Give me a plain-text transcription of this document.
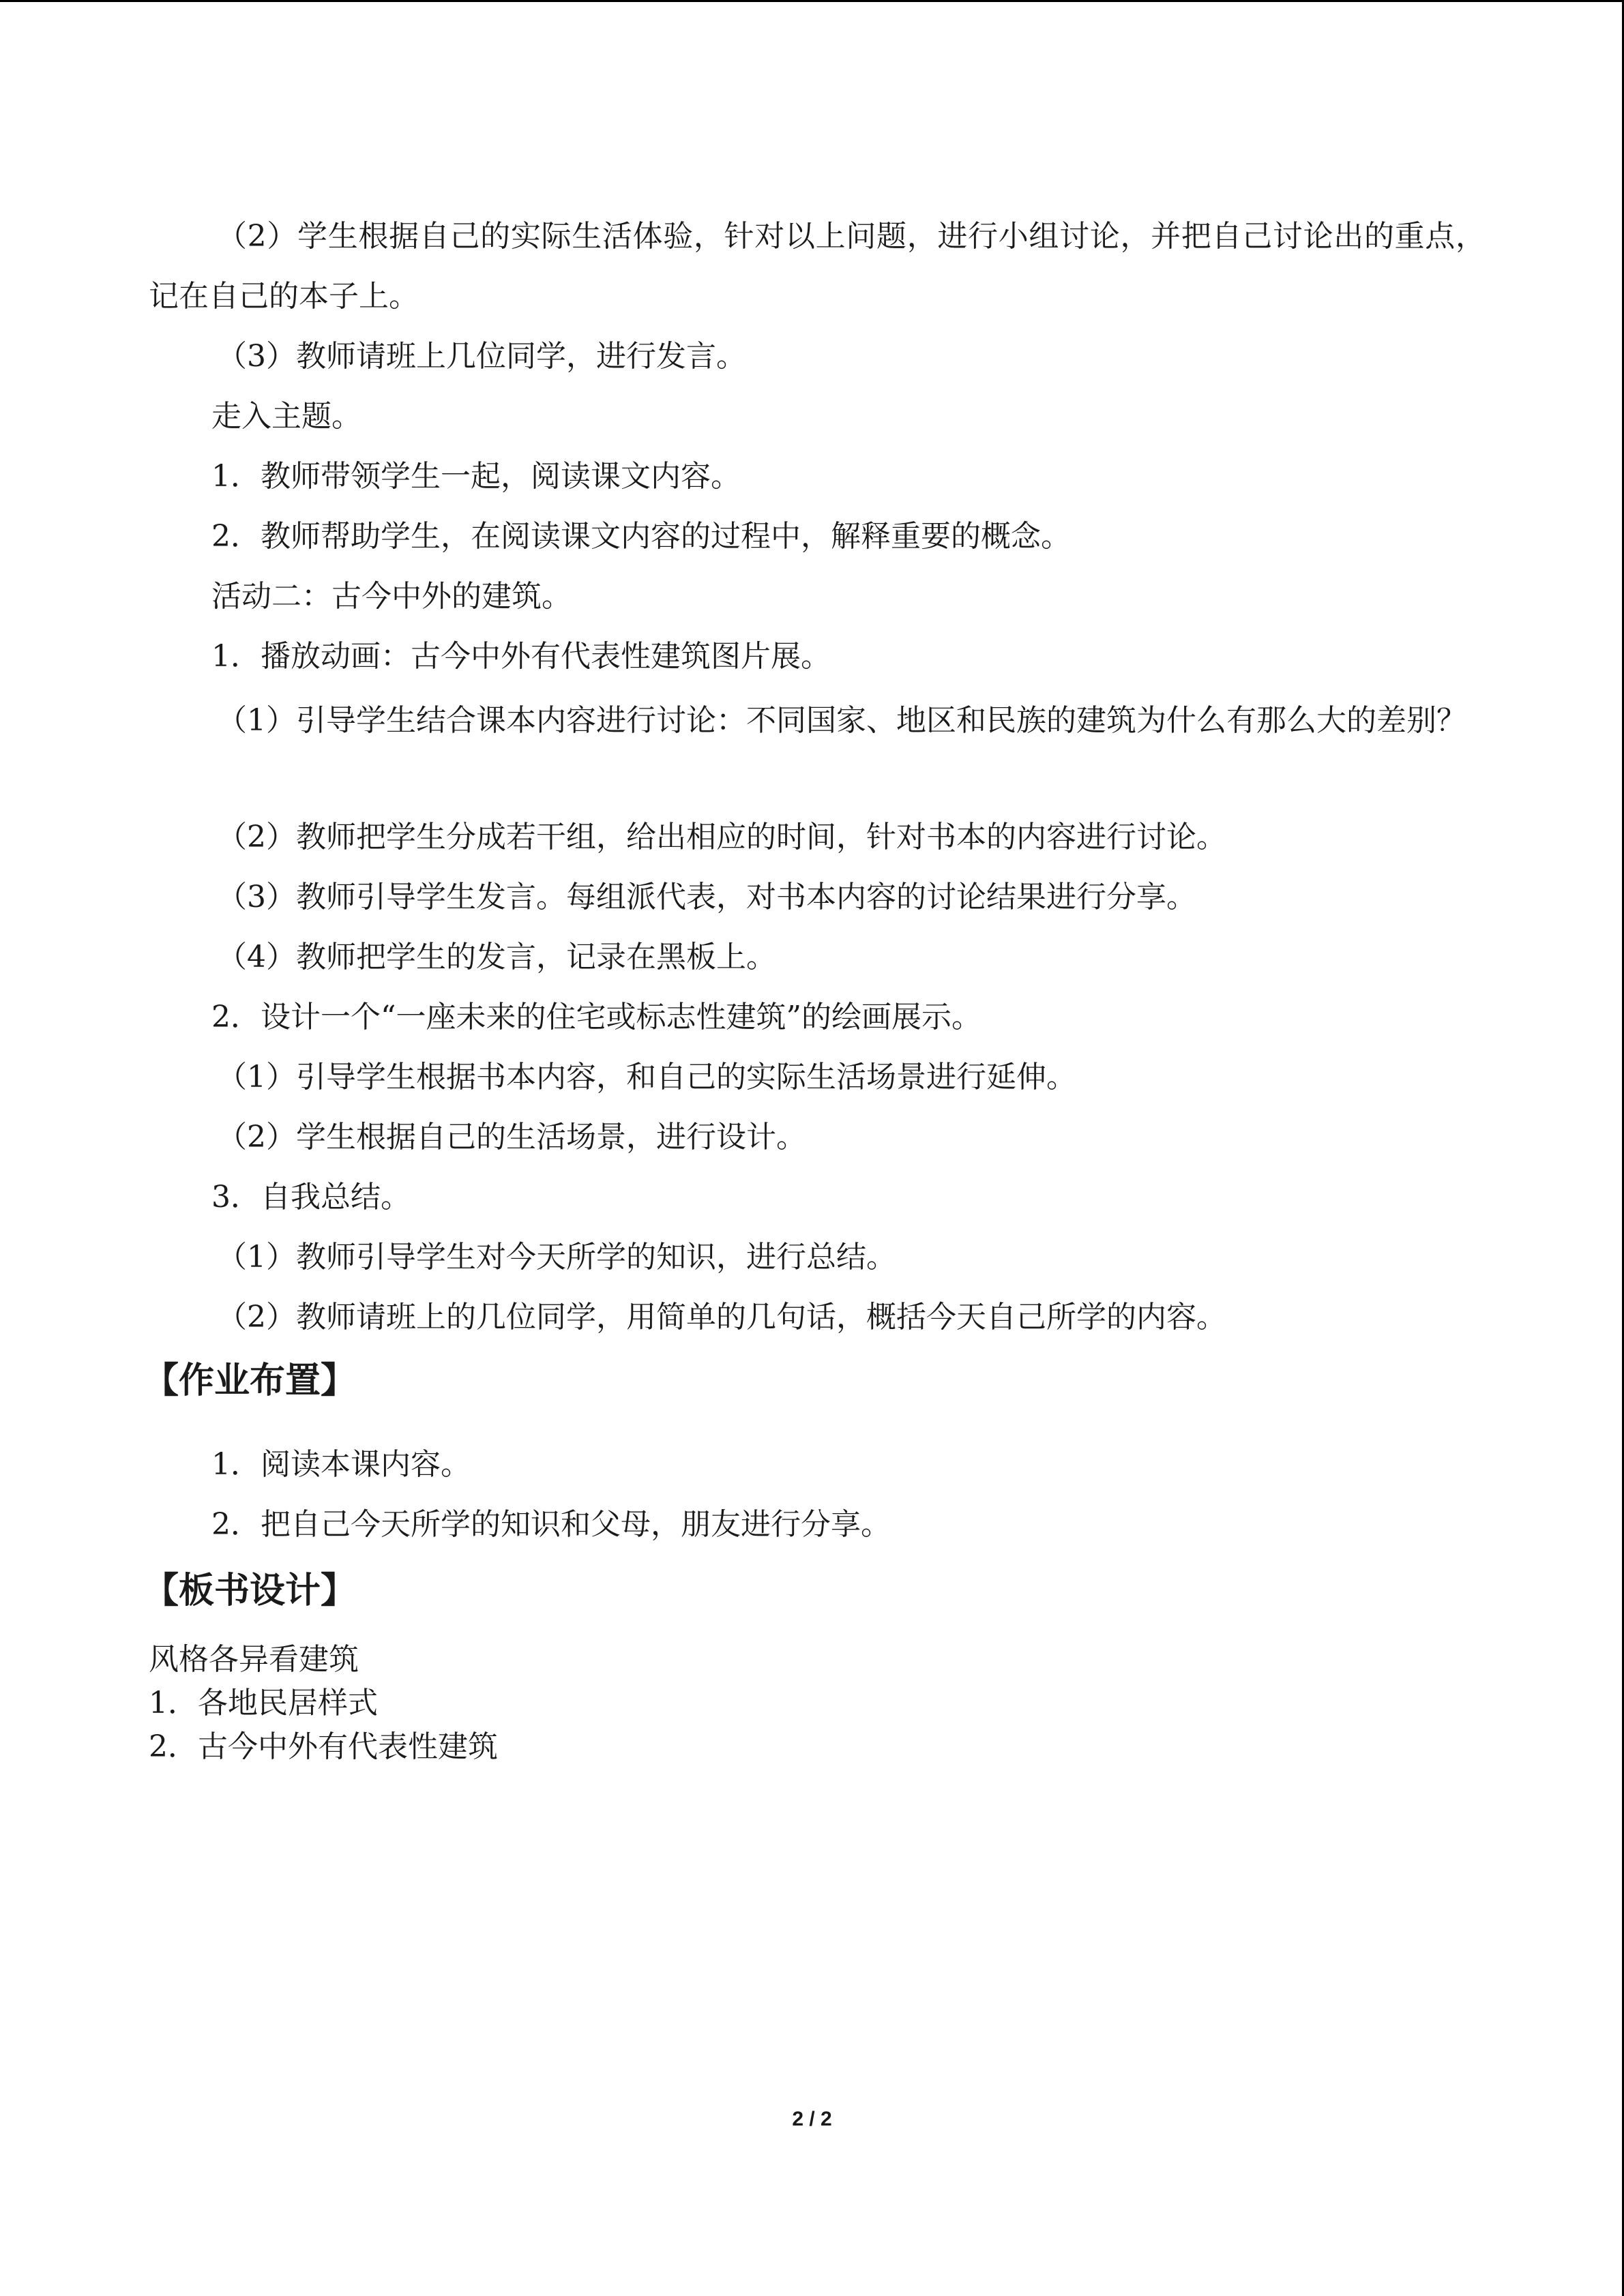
（2）学生根据自己的实际生活体验，针对以上问题，进行小组讨论，并把自己讨论出的重点，记在自己的本子上。
（3）教师请班上几位同学，进行发言。
走入主题。
1．教师带领学生一起，阅读课文内容。
2．教师帮助学生，在阅读课文内容的过程中，解释重要的概念。
活动二：古今中外的建筑。
1．播放动画：古今中外有代表性建筑图片展。
（1）引导学生结合课本内容进行讨论：不同国家、地区和民族的建筑为什么有那么大的差别？
（2）教师把学生分成若干组，给出相应的时间，针对书本的内容进行讨论。
（3）教师引导学生发言。每组派代表，对书本内容的讨论结果进行分享。
（4）教师把学生的发言，记录在黑板上。
2．设计一个“一座未来的住宅或标志性建筑”的绘画展示。
（1）引导学生根据书本内容，和自己的实际生活场景进行延伸。
（2）学生根据自己的生活场景，进行设计。
3．自我总结。
（1）教师引导学生对今天所学的知识，进行总结。
（2）教师请班上的几位同学，用简单的几句话，概括今天自己所学的内容。
【作业布置】
1．阅读本课内容。
2．把自己今天所学的知识和父母，朋友进行分享。
【板书设计】
风格各异看建筑
1．各地民居样式
2．古今中外有代表性建筑
2 / 2
